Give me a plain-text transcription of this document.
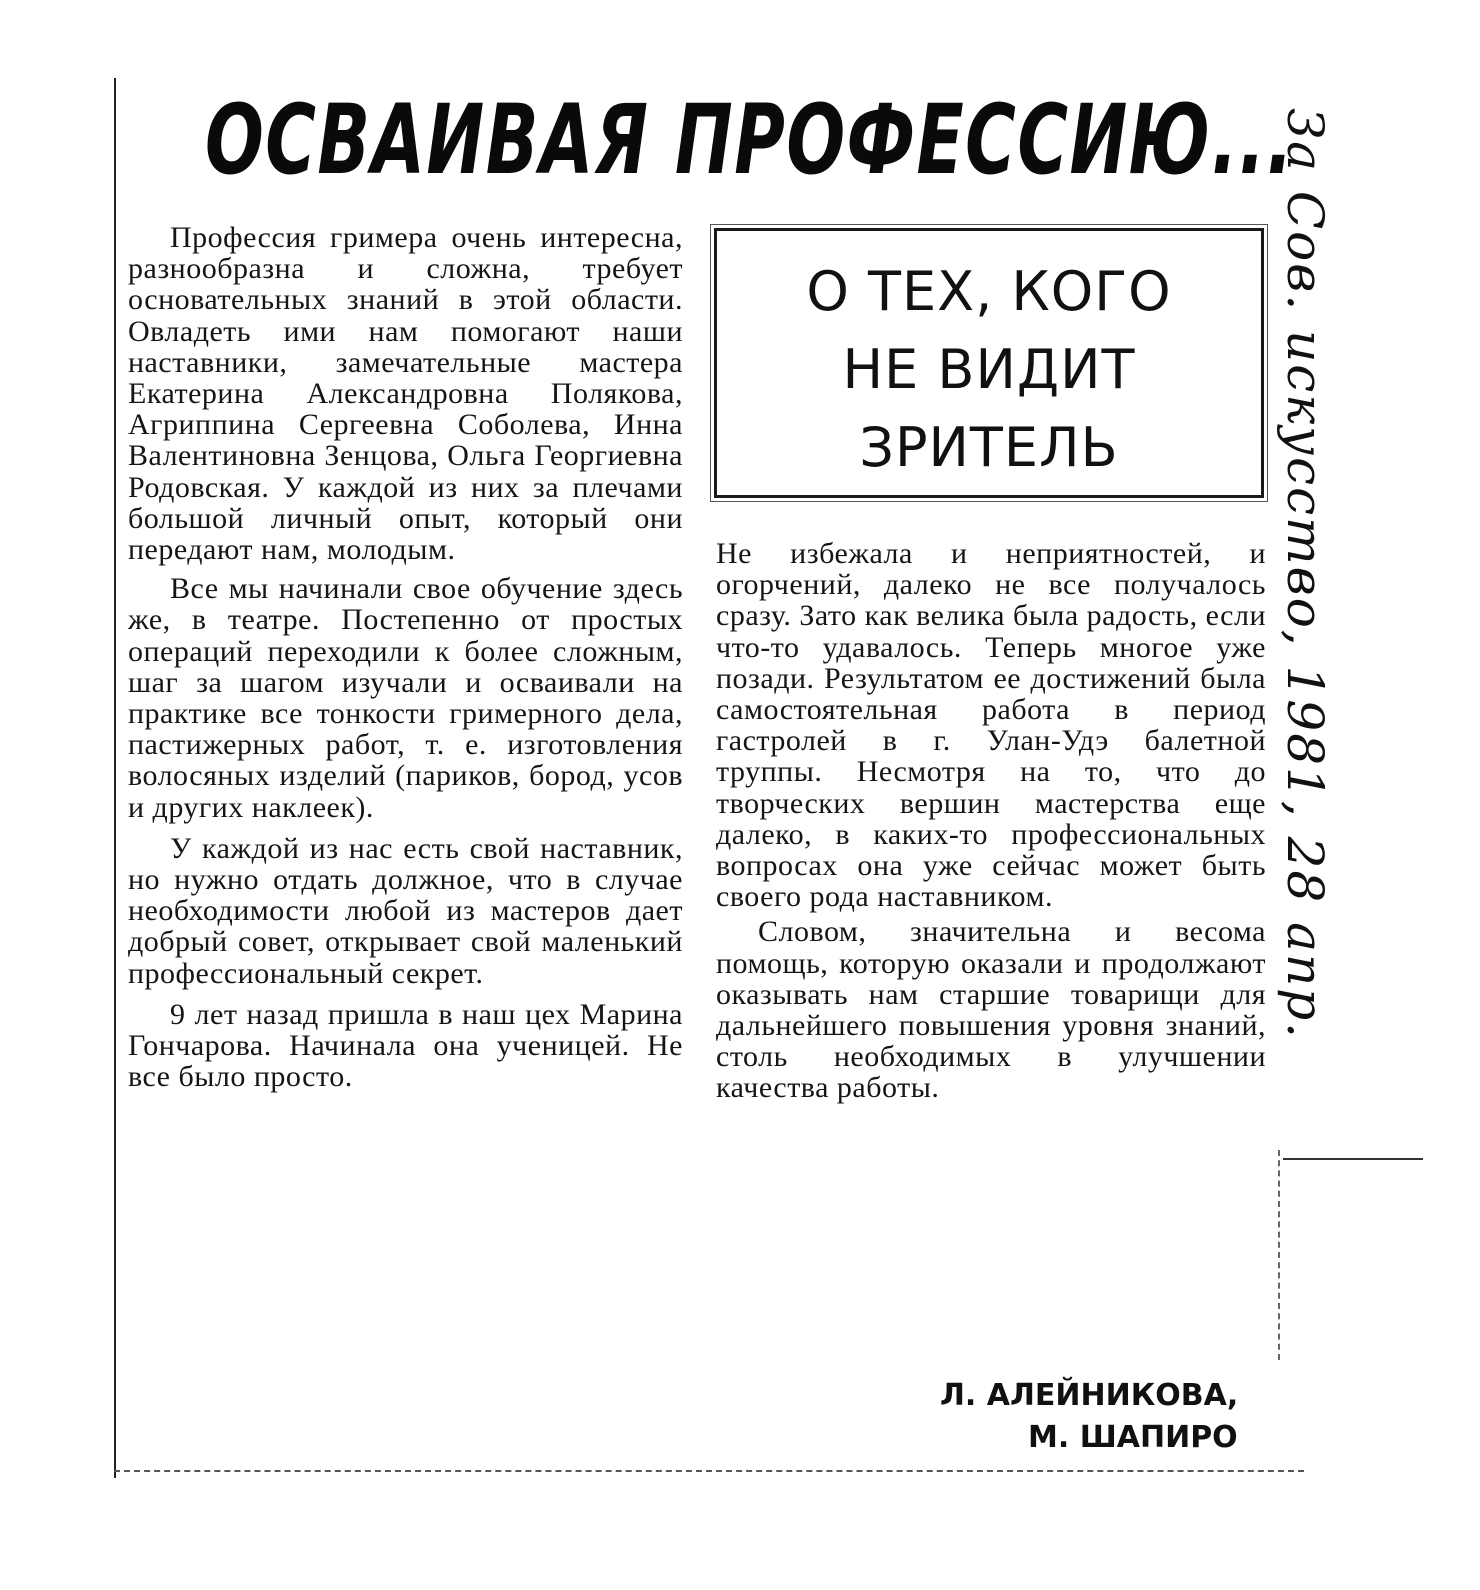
ОСВАИВАЯ ПРОФЕССИЮ...

Профессия гримера очень интересна, разнообразна и сложна, требует основательных знаний в этой области. Овладеть ими нам помогают наши наставники, замечательные мастера Екатерина Александровна Полякова, Агриппина Сергеевна Соболева, Инна Валентиновна Зенцова, Ольга Георгиевна Родовская. У каждой из них за плечами большой личный опыт, который они передают нам, молодым.

Все мы начинали свое обучение здесь же, в театре. Постепенно от простых операций переходили к более сложным, шаг за шагом изучали и осваивали на практике все тонкости гримерного дела, пастижерных работ, т. е. изготовления волосяных изделий (париков, бород, усов и других наклеек).

У каждой из нас есть свой наставник, но нужно отдать должное, что в случае необходимости любой из мастеров дает добрый совет, открывает свой маленький профессиональный секрет.

9 лет назад пришла в наш цех Марина Гончарова. Начинала она ученицей. Не все было просто.

О ТЕХ, КОГО
НЕ ВИДИТ
ЗРИТЕЛЬ

Не избежала и неприятностей, и огорчений, далеко не все получалось сразу. Зато как велика была радость, если что-то удавалось. Теперь многое уже позади. Результатом ее достижений была самостоятельная работа в период гастролей в г. Улан-Удэ балетной труппы. Несмотря на то, что до творческих вершин мастерства еще далеко, в каких-то профессиональных вопросах она уже сейчас может быть своего рода наставником.

Словом, значительна и весома помощь, которую оказали и продолжают оказывать нам старшие товарищи для дальнейшего повышения уровня знаний, столь необходимых в улучшении качества работы.

Л. АЛЕЙНИКОВА,
М. ШАПИРО
За Сов. искусство, 1981, 28 апр.
